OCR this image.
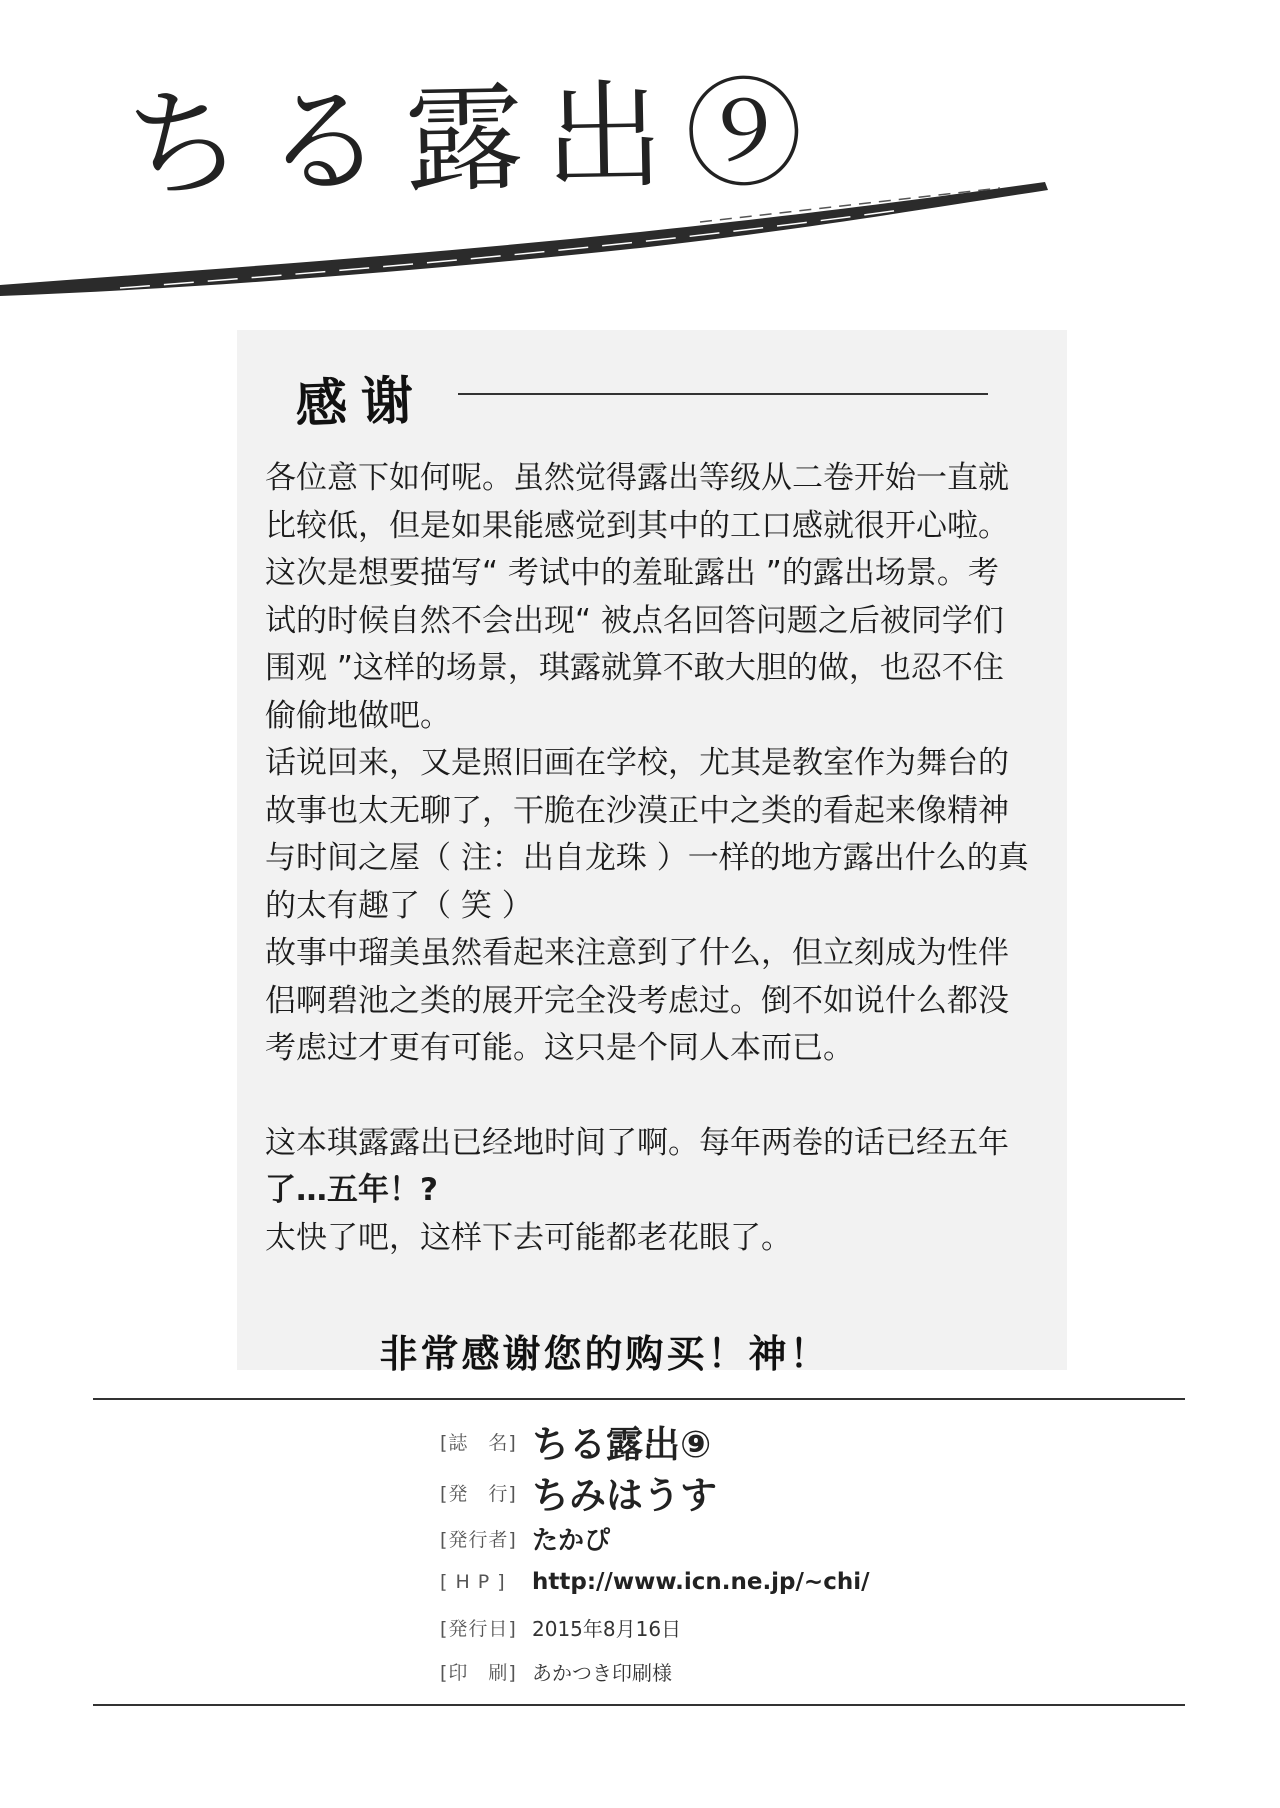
ちる露出⑨
感谢

各位意下如何呢。虽然觉得露出等级从二卷开始一直就

比较低，但是如果能感觉到其中的工口感就很开心啦。

这次是想要描写“ 考试中的羞耻露出 ”的露出场景。考

试的时候自然不会出现“ 被点名回答问题之后被同学们

围观 ”这样的场景，琪露就算不敢大胆的做，也忍不住

偷偷地做吧。

话说回来，又是照旧画在学校，尤其是教室作为舞台的

故事也太无聊了，干脆在沙漠正中之类的看起来像精神

与时间之屋（ 注：出自龙珠 ）一样的地方露出什么的真

的太有趣了（ 笑 ）

故事中瑠美虽然看起来注意到了什么，但立刻成为性伴

侣啊碧池之类的展开完全没考虑过。倒不如说什么都没

考虑过才更有可能。这只是个同人本而已。

这本琪露露出已经地时间了啊。每年两卷的话已经五年

了…五年！?

太快了吧，这样下去可能都老花眼了。

非常感谢您的购买！神！
[誌　名] ちる露出⑨
[発　行] ちみはうす
[発行者] たかぴ
[ H P ]	http://www.icn.ne.jp/~chi/
[発行日] 2015年8月16日
[印　刷] あかつき印刷様
